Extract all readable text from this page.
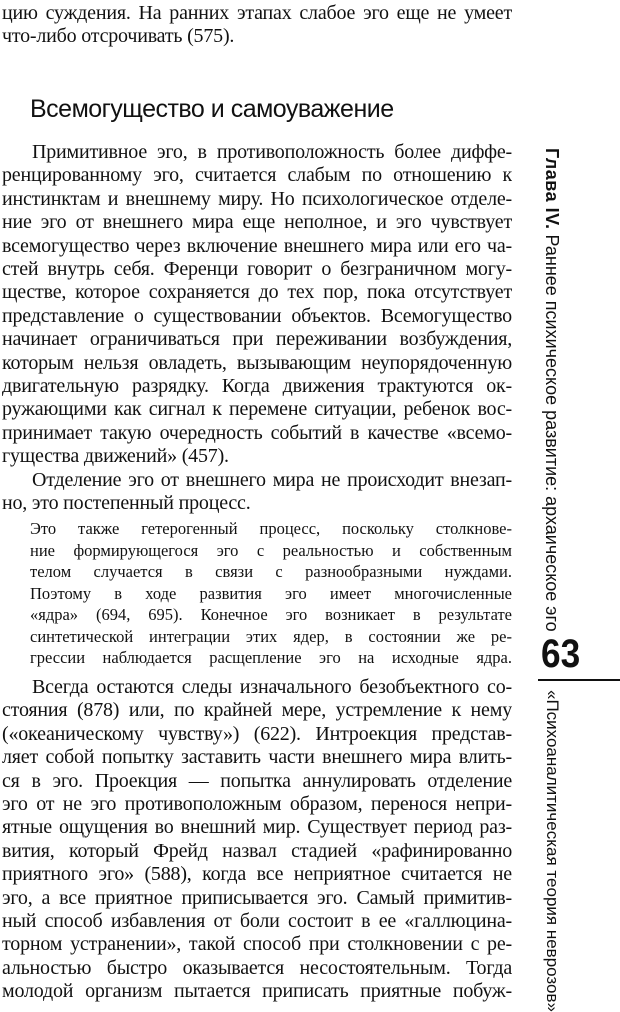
цию суждения. На ранних этапах слабое эго еще не умеет
что-либо отсрочивать (575).
Всемогущество и самоуважение
Примитивное эго, в противоположность более диффе-
ренцированному эго, считается слабым по отношению к
инстинктам и внешнему миру. Но психологическое отделе-
ние эго от внешнего мира еще неполное, и эго чувствует
всемогущество через включение внешнего мира или его ча-
стей внутрь себя. Ференци говорит о безграничном могу-
ществе, которое сохраняется до тех пор, пока отсутствует
представление о существовании объектов. Всемогущество
начинает ограничиваться при переживании возбуждения,
которым нельзя овладеть, вызывающим неупорядоченную
двигательную разрядку. Когда движения трактуются ок-
ружающими как сигнал к перемене ситуации, ребенок вос-
принимает такую очередность событий в качестве «всемо-
гущества движений» (457).
Отделение эго от внешнего мира не происходит внезап-
но, это постепенный процесс.
Это также гетерогенный процесс, поскольку столкнове-
ние формирующегося эго с реальностью и собственным
телом случается в связи с разнообразными нуждами.
Поэтому в ходе развития эго имеет многочисленные
«ядра» (694, 695). Конечное эго возникает в результате
синтетической интеграции этих ядер, в состоянии же ре-
грессии наблюдается расщепление эго на исходные ядра.
Всегда остаются следы изначального безобъектного со-
стояния (878) или, по крайней мере, устремление к нему
(«океаническому чувству») (622). Интроекция представ-
ляет собой попытку заставить части внешнего мира влить-
ся в эго. Проекция — попытка аннулировать отделение
эго от не эго противоположным образом, перенося непри-
ятные ощущения во внешний мир. Существует период раз-
вития, который Фрейд назвал стадией «рафинированно
приятного эго» (588), когда все неприятное считается не
эго, а все приятное приписывается эго. Самый примитив-
ный способ избавления от боли состоит в ее «галлюцина-
торном устранении», такой способ при столкновении с ре-
альностью быстро оказывается несостоятельным. Тогда
молодой организм пытается приписать приятные побуж-
Глава IV. Раннее психическое развитие: архаическое эго
63
«Психоаналитическая теория неврозов»
